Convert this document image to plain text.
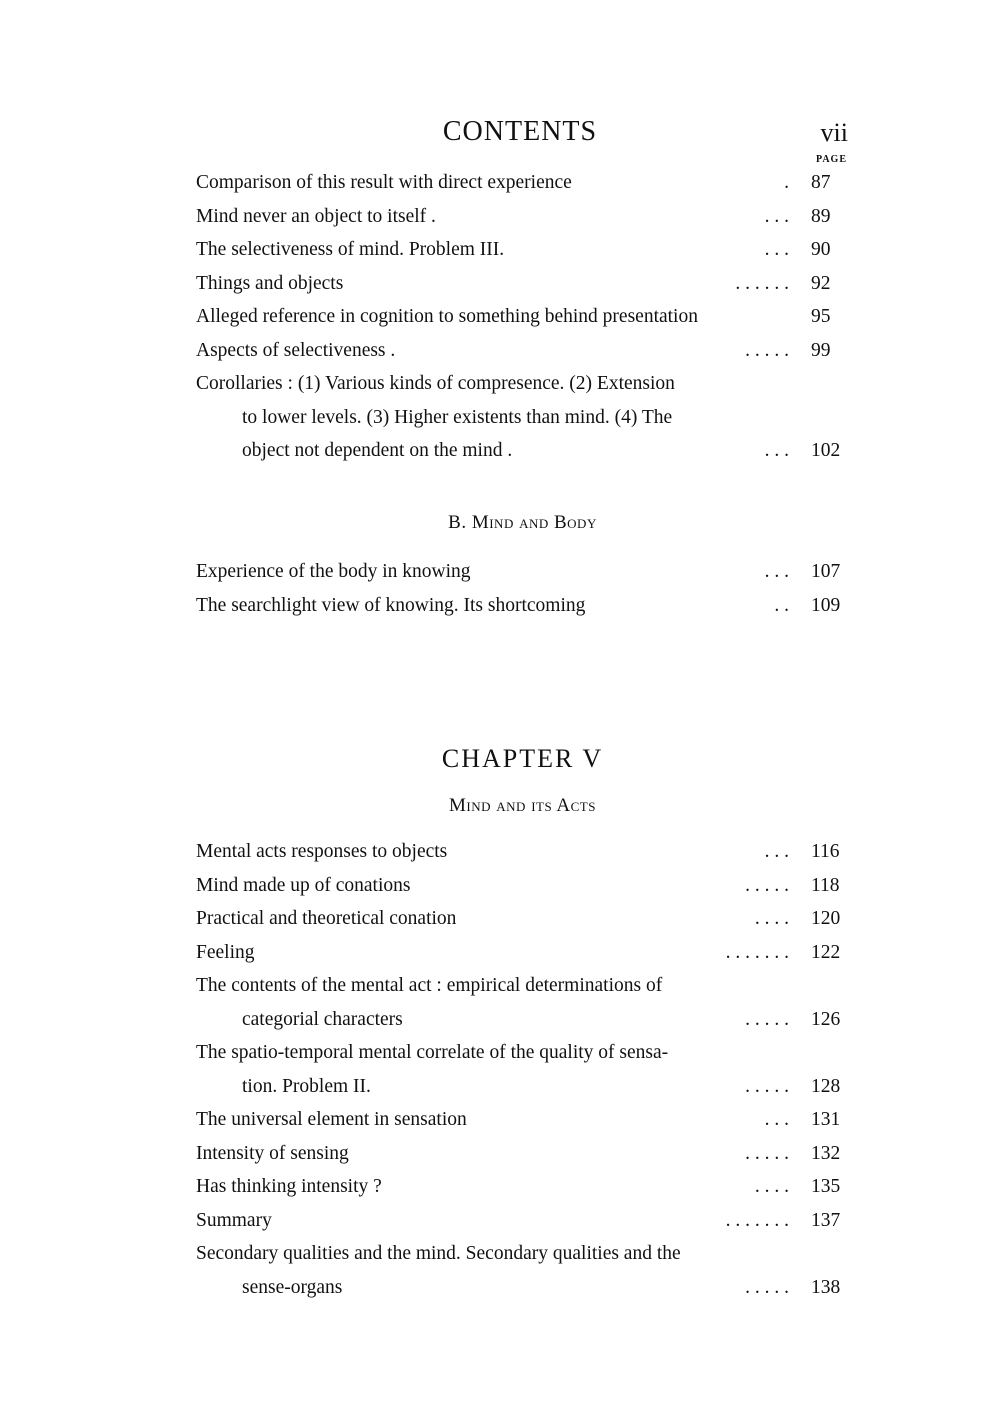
CONTENTS	vii
PAGE
Comparison of this result with direct experience	. 87
Mind never an object to itself .	. . . 89
The selectiveness of mind. Problem III.	. . . 90
Things and objects	. . . . . . 92
Alleged reference in cognition to something behind presentation	95
Aspects of selectiveness .	. . . . . 99
Corollaries : (1) Various kinds of compresence. (2) Extension
to lower levels. (3) Higher existents than mind. (4) The
object not dependent on the mind .	. . . 102
B. Mind and Body
Experience of the body in knowing	. . . 107
The searchlight view of knowing. Its shortcoming	. . 109
CHAPTER V
Mind and its Acts
Mental acts responses to objects	. . . 116
Mind made up of conations	. . . . . 118
Practical and theoretical conation	. . . . 120
Feeling	. . . . . . . 122
The contents of the mental act : empirical determinations of
categorial characters	. . . . . 126
The spatio-temporal mental correlate of the quality of sensa-
tion. Problem II.	. . . . . 128
The universal element in sensation	. . . 131
Intensity of sensing	. . . . . 132
Has thinking intensity ?	. . . . 135
Summary	. . . . . . . 137
Secondary qualities and the mind. Secondary qualities and the
sense-organs	. . . . . 138
